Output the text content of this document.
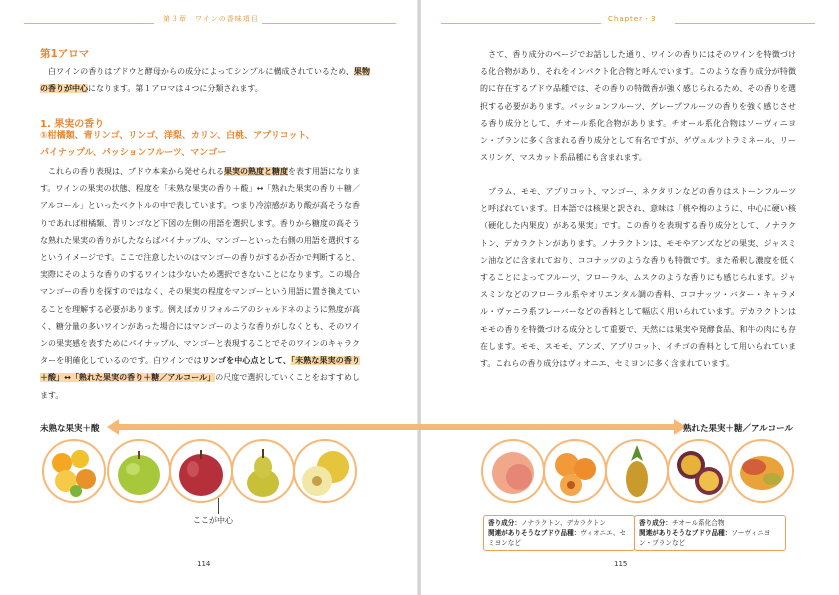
第３章　ワインの香味項目
第1アロマ

　白ワインの香りはブドウと酵母からの成分によってシンプルに構成されているため、果物の香りが中心になります。第１アロマは４つに分類されます。

1. 果実の香り
①柑橘類、青リンゴ、リンゴ、洋梨、カリン、白桃、アプリコット、
パイナップル、パッションフルーツ、マンゴー

　これらの香り表現は、ブドウ本来から発せられる果実の熟度と糖度を表す用語になります。ワインの果実の状態、程度を「未熟な果実の香り＋酸」↔「熟れた果実の香り＋糖／アルコール」といったベクトルの中で表しています。つまり冷涼感があり酸が高そうな香りであれば柑橘類、青リンゴなど下図の左側の用語を選択します。香りから糖度の高そうな熟れた果実の香りがしたならばパイナップル、マンゴーといった右側の用語を選択するというイメージです。ここで注意したいのはマンゴーの香りがするか否かで判断すると、実際にそのような香りのするワインは少ないため選択できないことになります。この場合マンゴーの香りを探すのではなく、その果実の程度をマンゴーという用語に置き換えていることを理解する必要があります。例えばカリフォルニアのシャルドネのように熟度が高く、糖分量の多いワインがあった場合にはマンゴーのような香りがしなくとも、そのワインの果実感を表すためにパイナップル、マンゴーと表現することでそのワインのキャラクターを明確化しているのです。白ワインではリンゴを中心点として、「未熟な果実の香り＋酸」↔「熟れた果実の香り＋糖／アルコール」の尺度で選択していくことをおすすめします。

114
Chapter・3

　さて、香り成分のページでお話しした通り、ワインの香りにはそのワインを特徴づける化合物があり、それをインパクト化合物と呼んでいます。このような香り成分が特徴的に存在するブドウ品種では、その香りの特徴香が強く感じられるため、その香りを選択する必要があります。パッションフルーツ、グレープフルーツの香りを強く感じさせる香り成分として、チオール系化合物があります。チオール系化合物はソーヴィニヨン・ブランに多く含まれる香り成分として有名ですが、ゲヴュルツトラミネール、リースリング、マスカット系品種にも含まれます。

　プラム、モモ、アプリコット、マンゴー、ネクタリンなどの香りはストーンフルーツと呼ばれています。日本語では核果と訳され、意味は「桃や梅のように、中心に硬い核（硬化した内果皮）がある果実」です。この香りを表現する香り成分として、ノナラクトン、デカラクトンがあります。ノナラクトンは、モモやアンズなどの果実、ジャスミン油などに含まれており、ココナッツのような香りも特徴です。また希釈し濃度を低くすることによってフルーツ、フローラル、ムスクのような香りにも感じられます。ジャスミンなどのフローラル系やオリエンタル調の香料、ココナッツ・バター・キャラメル・ヴァニラ系フレーバーなどの香料として幅広く用いられています。デカラクトンはモモの香りを特徴づける成分として重要で、天然には果実や発酵食品、和牛の肉にも存在します。モモ、スモモ、アンズ、アプリコット、イチゴの香料として用いられています。これらの香り成分はヴィオニエ、セミヨンに多く含まれています。

115
未熟な果実＋酸	熟れた果実＋糖／アルコール
ここが中心	香り成分：ノナラクトン、デカラクトン
関連がありそうなブドウ品種：ヴィオニエ、セミヨンなど
香り成分：チオール系化合物
関連がありそうなブドウ品種：ソーヴィニヨン・ブランなど
